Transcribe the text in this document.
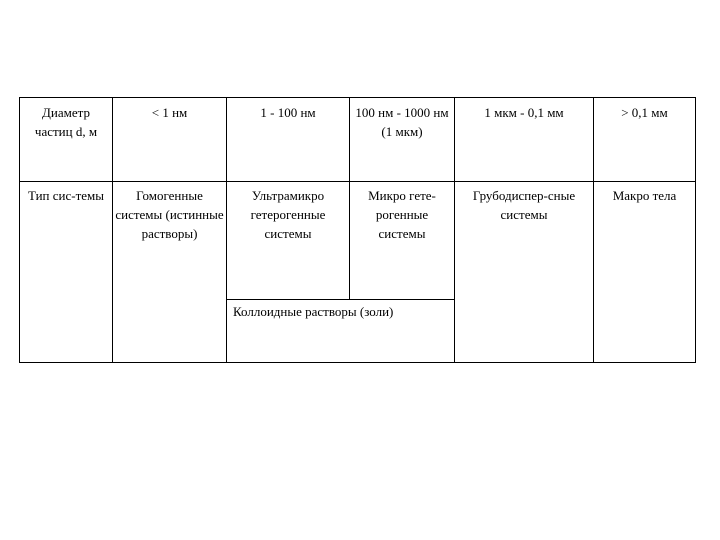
Диаметр частиц d, м	< 1 нм	1 - 100 нм	100 нм - 1000 нм (1 мкм)	1 мкм - 0,1 мм	> 0,1 мм

Тип сис-темы	Гомогенные системы (истинные растворы)	Ультрамикро гетерогенные системы	Микро гете-рогенные системы	Грубодиспер-сные системы	Макро тела

		Коллоидные растворы (золи)			
